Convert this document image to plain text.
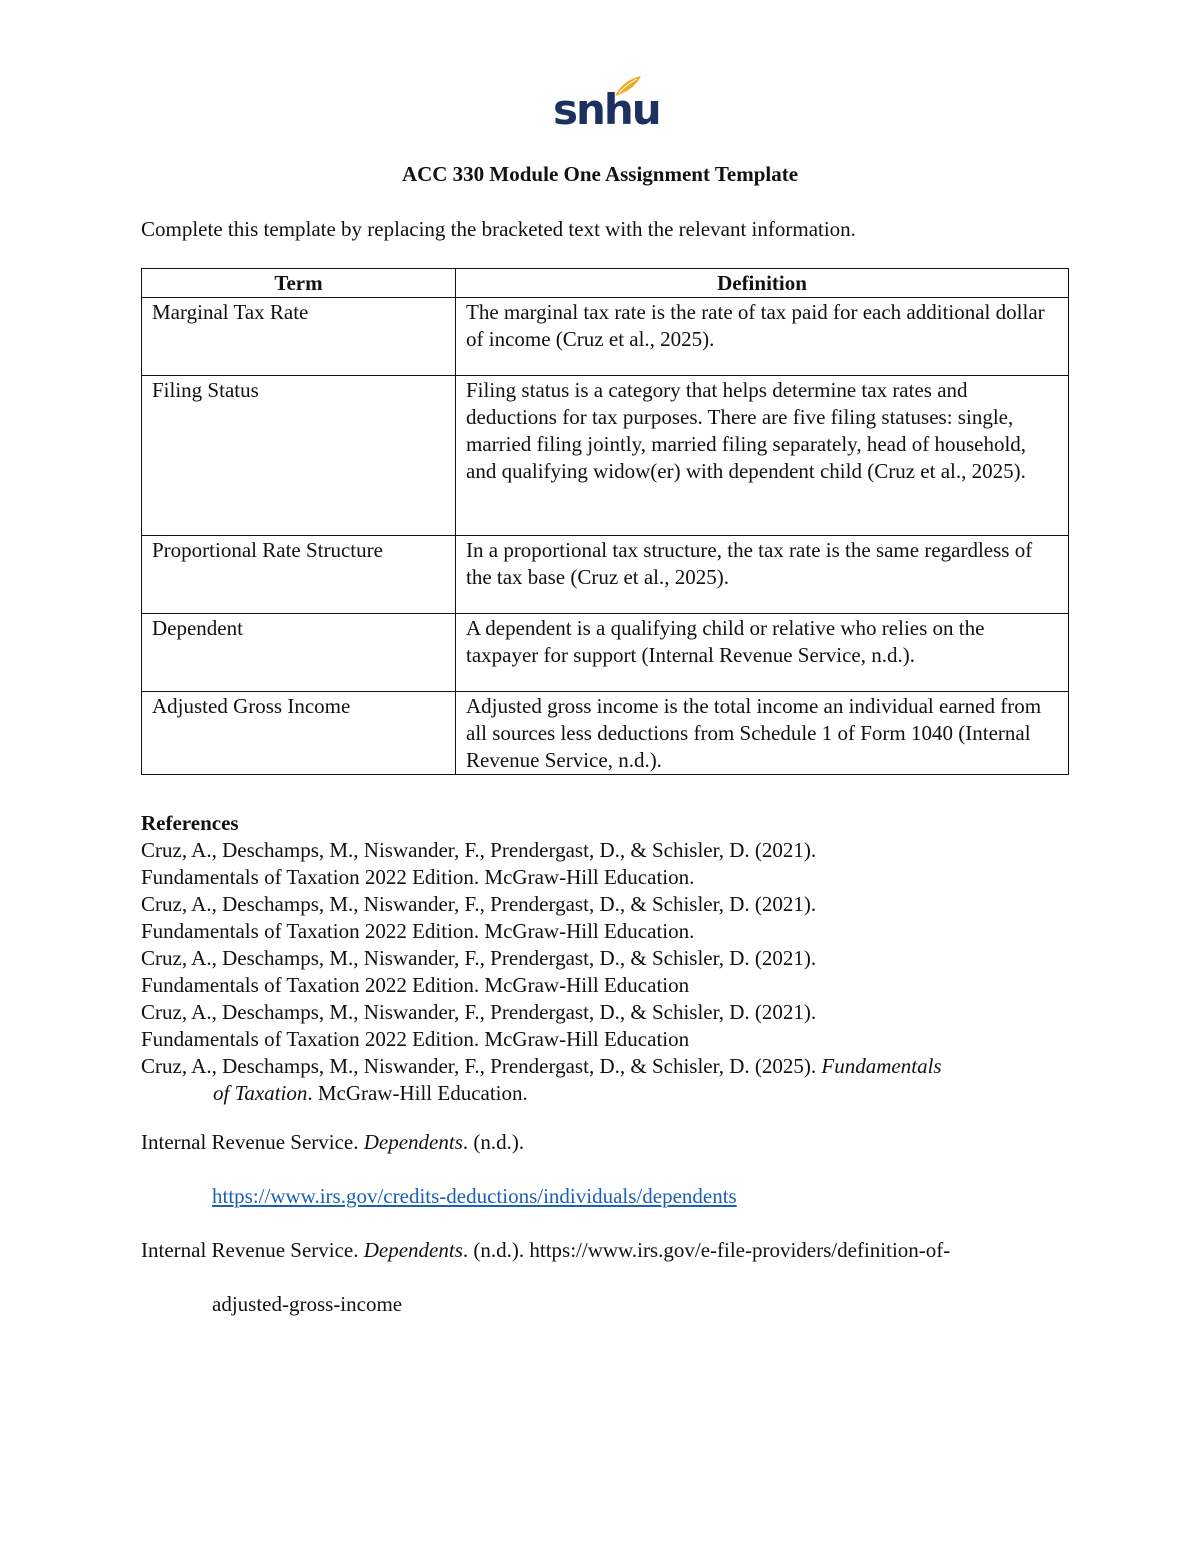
snhu
ACC 330 Module One Assignment Template
Complete this template by replacing the bracketed text with the relevant information.
Term	Definition
Marginal Tax Rate	The marginal tax rate is the rate of tax paid for each additional dollar of income (Cruz et al., 2025).
Filing Status	Filing status is a category that helps determine tax rates and deductions for tax purposes. There are five filing statuses: single, married filing jointly, married filing separately, head of household, and qualifying widow(er) with dependent child (Cruz et al., 2025).
Proportional Rate Structure	In a proportional tax structure, the tax rate is the same regardless of the tax base (Cruz et al., 2025).
Dependent	A dependent is a qualifying child or relative who relies on the taxpayer for support (Internal Revenue Service, n.d.).
Adjusted Gross Income	Adjusted gross income is the total income an individual earned from all sources less deductions from Schedule 1 of Form 1040 (Internal Revenue Service, n.d.).
References
Cruz, A., Deschamps, M., Niswander, F., Prendergast, D., & Schisler, D. (2021).
Fundamentals of Taxation 2022 Edition. McGraw-Hill Education.
Cruz, A., Deschamps, M., Niswander, F., Prendergast, D., & Schisler, D. (2021).
Fundamentals of Taxation 2022 Edition. McGraw-Hill Education.
Cruz, A., Deschamps, M., Niswander, F., Prendergast, D., & Schisler, D. (2021).
Fundamentals of Taxation 2022 Edition. McGraw-Hill Education
Cruz, A., Deschamps, M., Niswander, F., Prendergast, D., & Schisler, D. (2021).
Fundamentals of Taxation 2022 Edition. McGraw-Hill Education
Cruz, A., Deschamps, M., Niswander, F., Prendergast, D., & Schisler, D. (2025). Fundamentals
of Taxation. McGraw-Hill Education.
Internal Revenue Service. Dependents. (n.d.).
https://www.irs.gov/credits-deductions/individuals/dependents
Internal Revenue Service. Dependents. (n.d.). https://www.irs.gov/e-file-providers/definition-of-
adjusted-gross-income
